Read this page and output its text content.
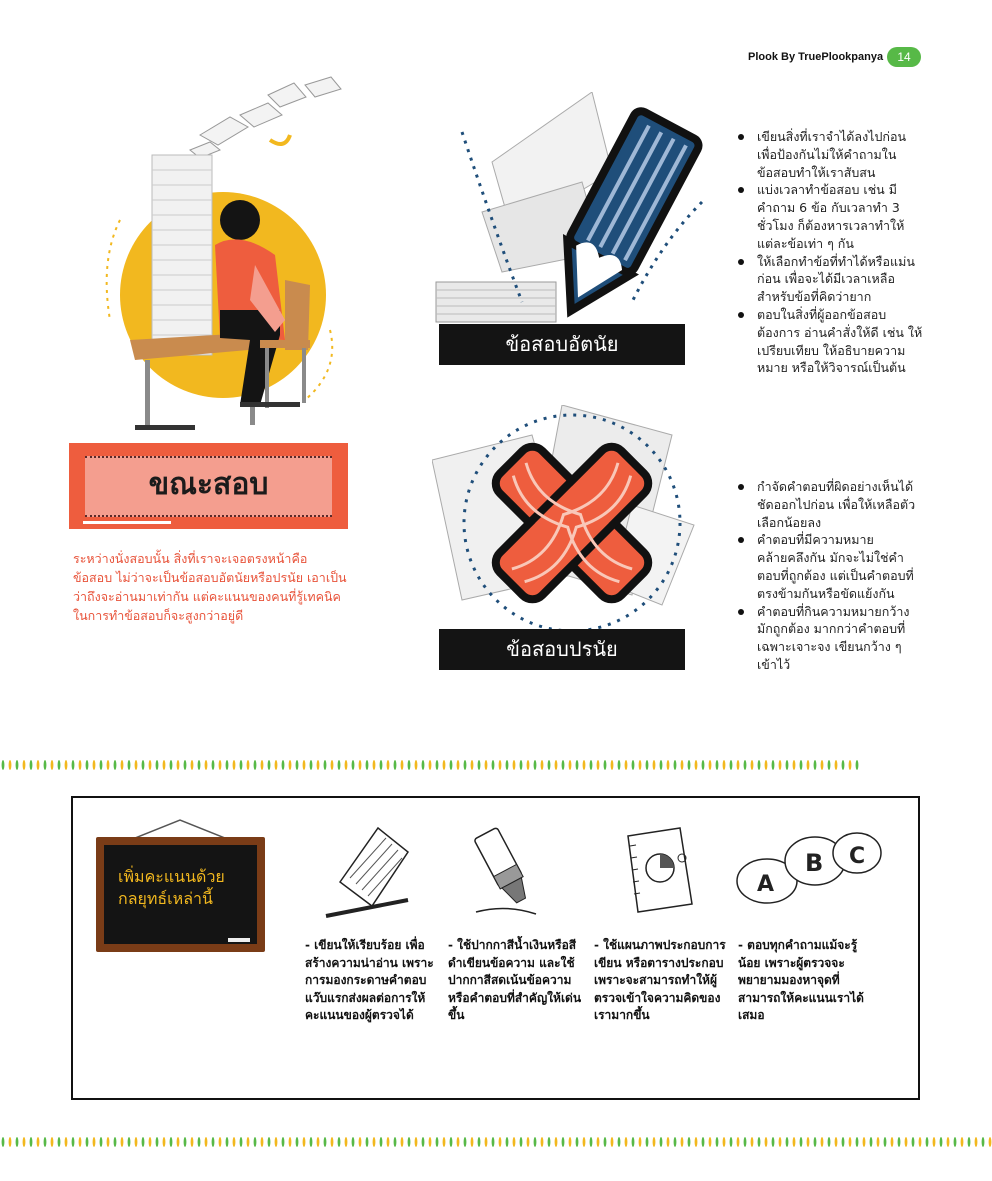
Plook By TruePlookpanya	14
ขณะสอบ
ระหว่างนั่งสอบนั้น สิ่งที่เราจะเจอตรงหน้าคือ ข้อสอบ ไม่ว่าจะเป็นข้อสอบอัตนัยหรือปรนัย เอาเป็นว่าถึงจะอ่านมาเท่ากัน แต่คะแนนของคนที่รู้เทคนิคในการทำข้อสอบก็จะสูงกว่าอยู่ดี
ข้อสอบอัตนัย
เขียนสิ่งที่เราจำได้ลงไปก่อน เพื่อป้องกันไม่ให้คำถามในข้อสอบทำให้เราสับสน
แบ่งเวลาทำข้อสอบ เช่น มีคำถาม 6 ข้อ กับเวลาทำ 3 ชั่วโมง ก็ต้องหารเวลาทำให้แต่ละข้อเท่า ๆ กัน
ให้เลือกทำข้อที่ทำได้หรือแม่นก่อน เพื่อจะได้มีเวลาเหลือสำหรับข้อที่คิดว่ายาก
ตอบในสิ่งที่ผู้ออกข้อสอบต้องการ อ่านคำสั่งให้ดี เช่น ให้เปรียบเทียบ ให้อธิบายความหมาย หรือให้วิจารณ์เป็นต้น
ข้อสอบปรนัย
กำจัดคำตอบที่ผิดอย่างเห็นได้ชัดออกไปก่อน เพื่อให้เหลือตัวเลือกน้อยลง
คำตอบที่มีความหมายคล้ายคลึงกัน มักจะไม่ใช่คำตอบที่ถูกต้อง แต่เป็นคำตอบที่ตรงข้ามกันหรือขัดแย้งกัน
คำตอบที่กินความหมายกว้าง มักถูกต้อง มากกว่าคำตอบที่เฉพาะเจาะจง เขียนกว้าง ๆ เข้าไว้
เพิ่มคะแนนด้วย
กลยุทธ์เหล่านี้
A
B C
- เขียนให้เรียบร้อย เพื่อสร้างความน่าอ่าน เพราะการมองกระดาษคำตอบแว๊บแรกส่งผลต่อการให้คะแนนของผู้ตรวจได้
- ใช้ปากกาสีน้ำเงินหรือสีดำเขียนข้อความ และใช้ปากกาสีสดเน้นข้อความหรือคำตอบที่สำคัญให้เด่นขึ้น
- ใช้แผนภาพประกอบการเขียน หรือตารางประกอบ เพราะจะสามารถทำให้ผู้ตรวจเข้าใจความคิดของเรามากขึ้น
- ตอบทุกคำถามแม้จะรู้น้อย เพราะผู้ตรวจจะพยายามมองหาจุดที่สามารถให้คะแนนเราได้เสมอ
